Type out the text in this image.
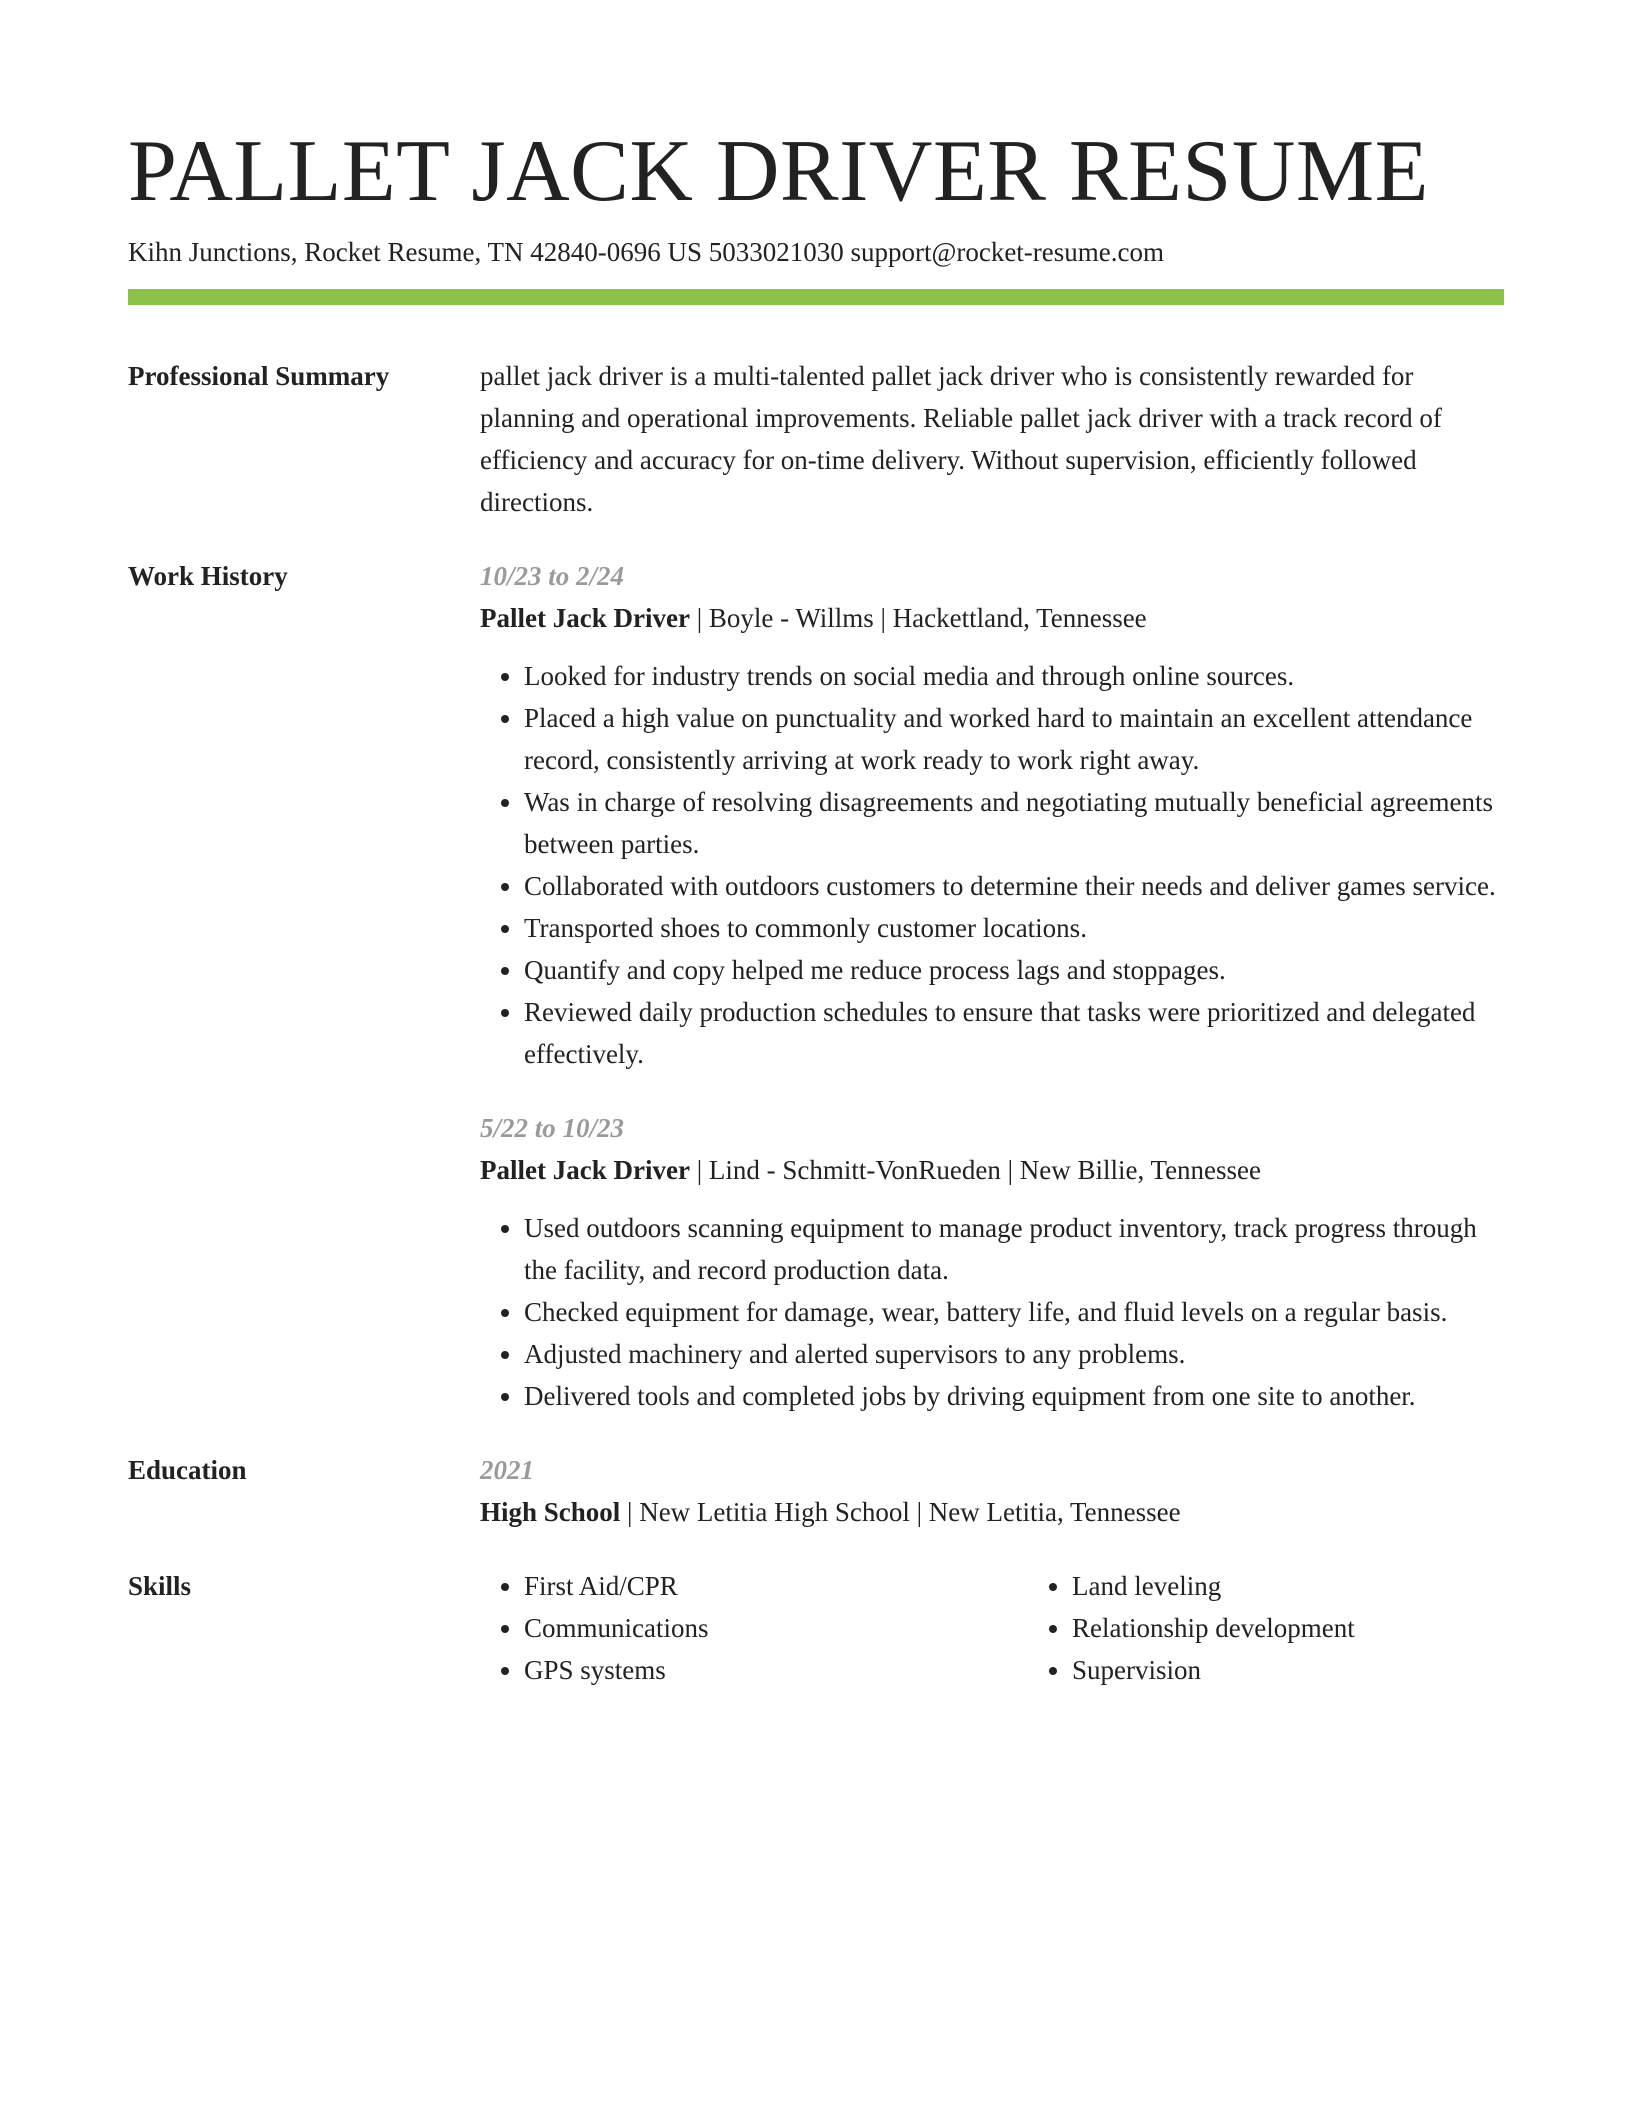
PALLET JACK DRIVER RESUME
Kihn Junctions, Rocket Resume, TN 42840-0696 US 5033021030 support@rocket-resume.com
Professional Summary	pallet jack driver is a multi-talented pallet jack driver who is consistently rewarded for planning and operational improvements. Reliable pallet jack driver with a track record of efficiency and accuracy for on-time delivery. Without supervision, efficiently followed directions.

Work History	10/23 to 2/24
Pallet Jack Driver | Boyle - Willms | Hackettland, Tennessee
• Looked for industry trends on social media and through online sources.
• Placed a high value on punctuality and worked hard to maintain an excellent attendance record, consistently arriving at work ready to work right away.
• Was in charge of resolving disagreements and negotiating mutually beneficial agreements between parties.
• Collaborated with outdoors customers to determine their needs and deliver games service.
• Transported shoes to commonly customer locations.
• Quantify and copy helped me reduce process lags and stoppages.
• Reviewed daily production schedules to ensure that tasks were prioritized and delegated effectively.
5/22 to 10/23
Pallet Jack Driver | Lind - Schmitt-VonRueden | New Billie, Tennessee
• Used outdoors scanning equipment to manage product inventory, track progress through the facility, and record production data.
• Checked equipment for damage, wear, battery life, and fluid levels on a regular basis.
• Adjusted machinery and alerted supervisors to any problems.
• Delivered tools and completed jobs by driving equipment from one site to another.
Education	2021
High School | New Letitia High School | New Letitia, Tennessee
Skills
•	First Aid/CPR
• Communications
• GPS systems
• Land leveling
• Relationship development
• Supervision
